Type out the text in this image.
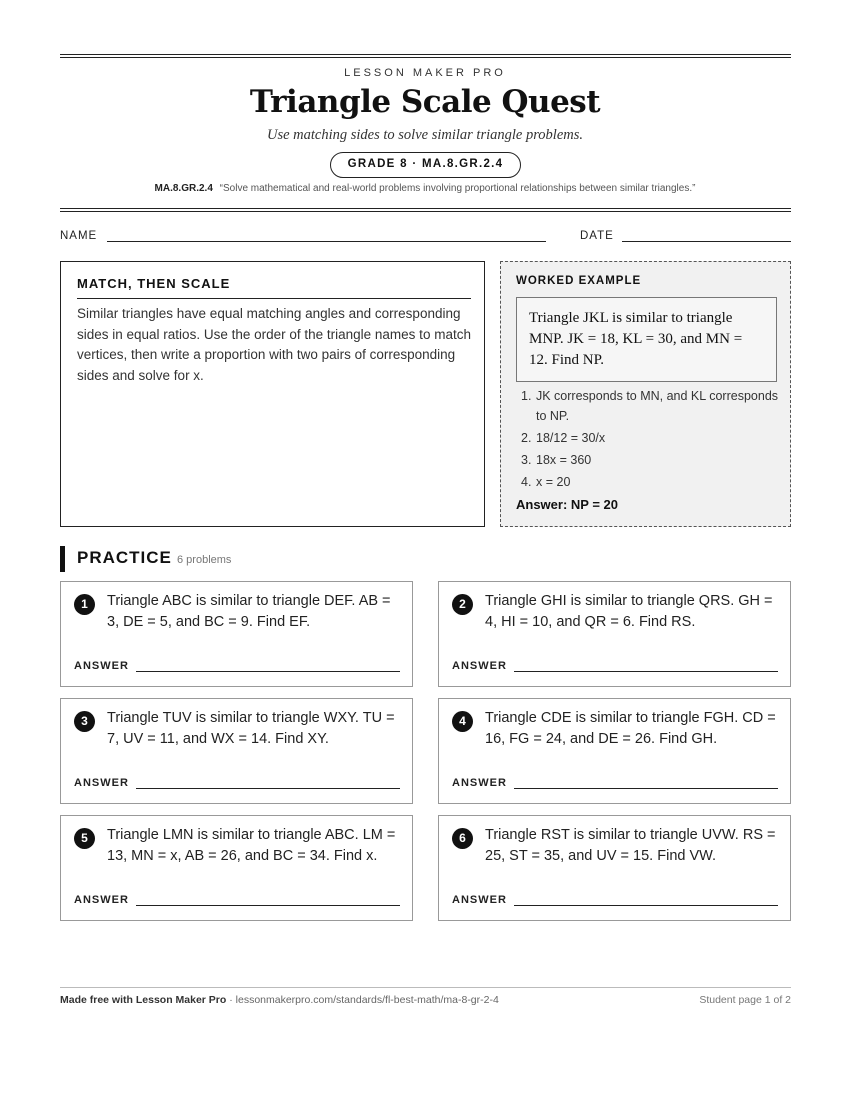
LESSON MAKER PRO
Triangle Scale Quest
Use matching sides to solve similar triangle problems.
GRADE 8 · MA.8.GR.2.4
MA.8.GR.2.4 “Solve mathematical and real-world problems involving proportional relationships between similar triangles.”
NAME	DATE
MATCH, THEN SCALE
Similar triangles have equal matching angles and corresponding sides in equal ratios. Use the order of the triangle names to match vertices, then write a proportion with two pairs of corresponding sides and solve for x.
WORKED EXAMPLE
Triangle JKL is similar to triangle MNP. JK = 18, KL = 30, and MN = 12. Find NP.
1. JK corresponds to MN, and KL corresponds to NP.
2. 18/12 = 30/x
3. 18x = 360
4. x = 20
Answer: NP = 20
PRACTICE 6 problems
1	Triangle ABC is similar to triangle DEF. AB = 3, DE = 5, and BC = 9. Find EF.
ANSWER
2	Triangle GHI is similar to triangle QRS. GH = 4, HI = 10, and QR = 6. Find RS.
ANSWER
3	Triangle TUV is similar to triangle WXY. TU = 7, UV = 11, and WX = 14. Find XY.
ANSWER
4	Triangle CDE is similar to triangle FGH. CD = 16, FG = 24, and DE = 26. Find GH.
ANSWER
5	Triangle LMN is similar to triangle ABC. LM = 13, MN = x, AB = 26, and BC = 34. Find x.
ANSWER
6	Triangle RST is similar to triangle UVW. RS = 25, ST = 35, and UV = 15. Find VW.
ANSWER
Made free with Lesson Maker Pro · lessonmakerpro.com/standards/fl-best-math/ma-8-gr-2-4	Student page 1 of 2
